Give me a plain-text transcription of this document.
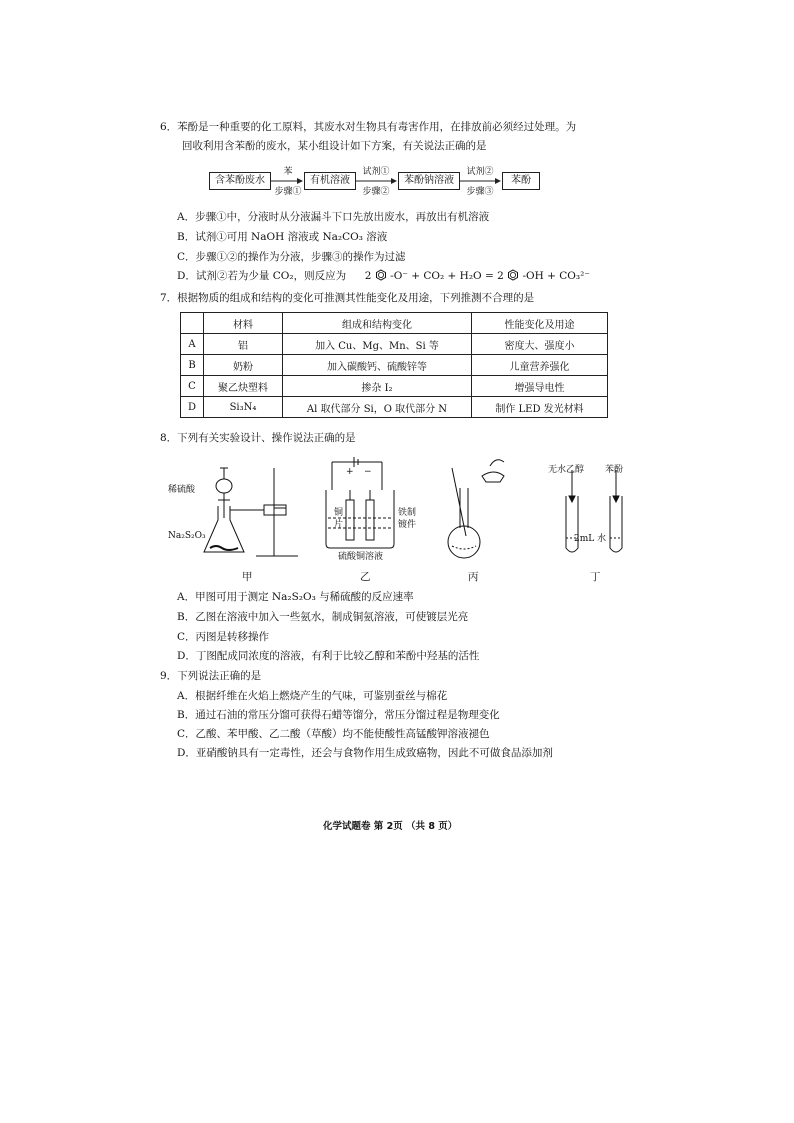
6．苯酚是一种重要的化工原料，其废水对生物具有毒害作用，在排放前必须经过处理。为
回收利用含苯酚的废水，某小组设计如下方案，有关说法正确的是
含苯酚废水
苯
步骤①
有机溶液
试剂①
步骤②
苯酚钠溶液
试剂②
步骤③
苯酚
A．步骤①中，分液时从分液漏斗下口先放出废水，再放出有机溶液
B．试剂①可用 NaOH 溶液或 Na₂CO₃ 溶液
C．步骤①②的操作为分液，步骤③的操作为过滤
D．试剂②若为少量 CO₂，则反应为 2 -O⁻ + CO₂ + H₂O = 2 -OH + CO₃²⁻
7．根据物质的组成和结构的变化可推测其性能变化及用途，下列推测不合理的是
	材料	组成和结构变化	性能变化及用途
A	铝	加入 Cu、Mg、Mn、Si 等	密度大、强度小
B	奶粉	加入碳酸钙、硫酸锌等	儿童营养强化
C	聚乙炔塑料	掺杂 I₂	增强导电性
D	Si₃N₄	Al 取代部分 Si，O 取代部分 N	制作 LED 发光材料
8．下列有关实验设计、操作说法正确的是
+ −
稀硫酸
Na₂S₂O₃
铜
片
铁制
镀件
硫酸铜溶液
无水乙醇 苯酚
2mL 水
甲	乙	丙	丁
A．甲图可用于测定 Na₂S₂O₃ 与稀硫酸的反应速率
B．乙图在溶液中加入一些氨水，制成铜氨溶液，可使镀层光亮
C．丙图是转移操作
D．丁图配成同浓度的溶液，有利于比较乙醇和苯酚中羟基的活性
9．下列说法正确的是
A．根据纤维在火焰上燃烧产生的气味，可鉴别蚕丝与棉花
B．通过石油的常压分馏可获得石蜡等馏分，常压分馏过程是物理变化
C．乙酸、苯甲酸、乙二酸（草酸）均不能使酸性高锰酸钾溶液褪色
D．亚硝酸钠具有一定毒性，还会与食物作用生成致癌物，因此不可做食品添加剂
化学试题卷 第 2页 （共 8 页）
